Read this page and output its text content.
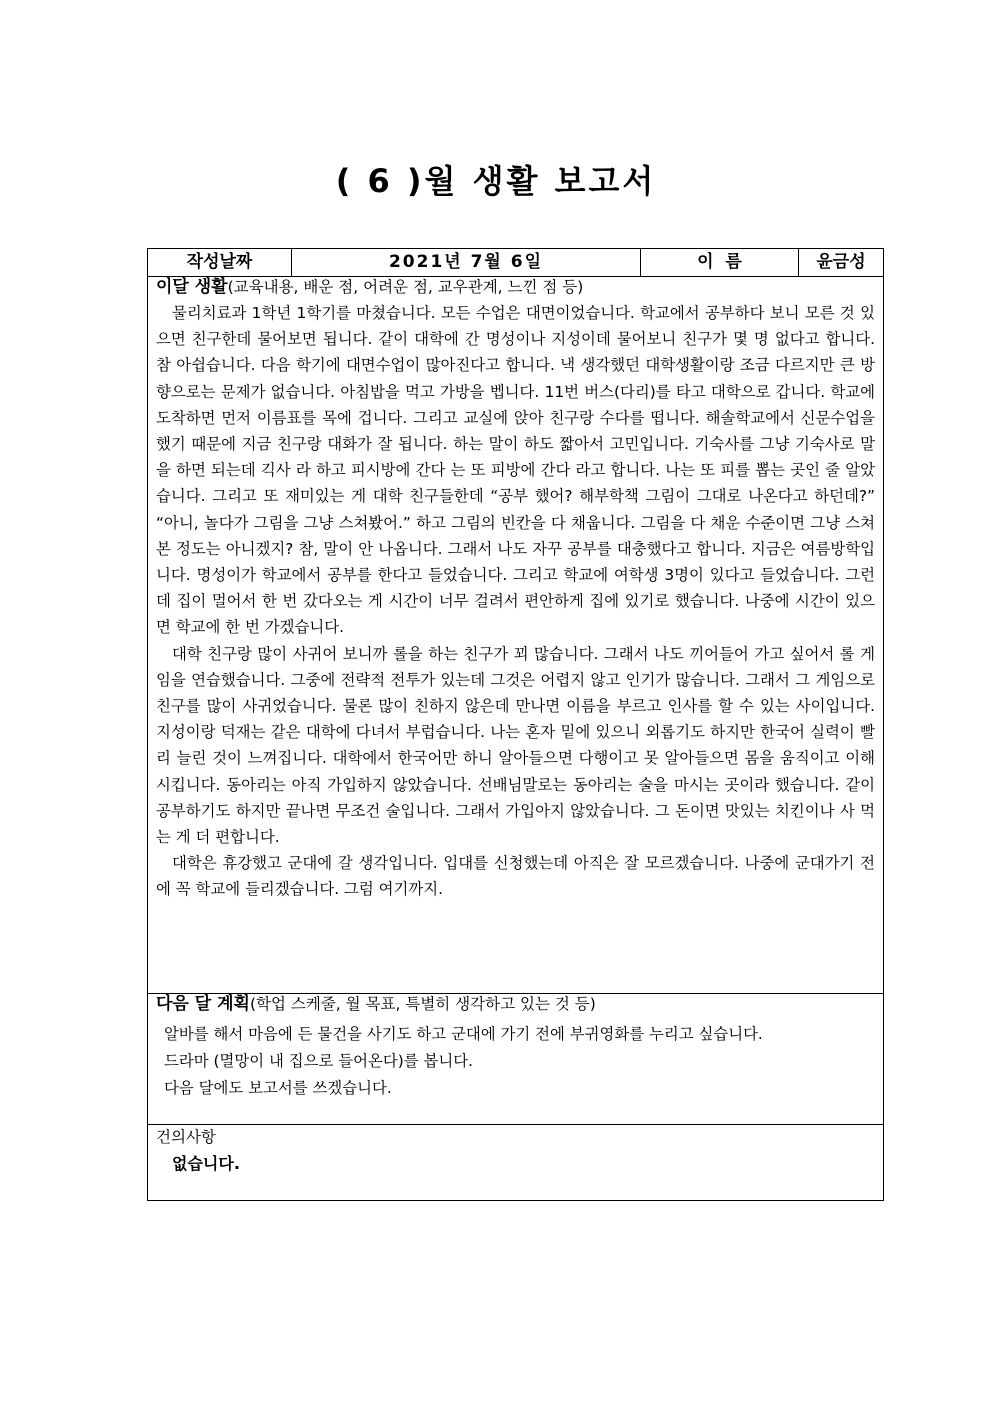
( 6 )월 생활 보고서
작성날짜	2021년 7월 6일	이  름	윤금성
이달 생활(교육내용, 배운 점, 어려운 점, 교우관계, 느낀 점 등)

물리치료과 1학년 1학기를 마쳤습니다. 모든 수업은 대면이었습니다. 학교에서 공부하다 보니 모른 것 있으면 친구한데 물어보면 됩니다. 같이 대학에 간 명성이나 지성이데 물어보니 친구가 몇 명 없다고 합니다. 참 아쉽습니다. 다음 학기에 대면수업이 많아진다고 합니다. 낵 생각했던 대학생활이랑 조금 다르지만 큰 방향으로는 문제가 없습니다. 아침밥을 먹고 가방을 벱니다. 11번 버스(다리)를 타고 대학으로 갑니다. 학교에 도착하면 먼저 이름표를 목에 겁니다. 그리고 교실에 앉아 친구랑 수다를 떱니다. 해솔학교에서 신문수업을 했기 때문에 지금 친구랑 대화가 잘 됩니다. 하는 말이 하도 짧아서 고민입니다. 기숙사를 그냥 기숙사로 말을 하면 되는데 긱사 라 하고 피시방에 간다 는 또 피방에 간다 라고 합니다. 나는 또 피를 뽑는 곳인 줄 알았습니다. 그리고 또 재미있는 게 대학 친구들한데 “공부 했어? 해부학책 그림이 그대로 나온다고 하던데?” “아니, 놀다가 그림을 그냥 스쳐봤어.” 하고 그림의 빈칸을 다 채웁니다. 그림을 다 채운 수준이면 그냥 스쳐본 정도는 아니겠지? 참, 말이 안 나옵니다. 그래서 나도 자꾸 공부를 대충했다고 합니다. 지금은 여름방학입니다. 명성이가 학교에서 공부를 한다고 들었습니다. 그리고 학교에 여학생 3명이 있다고 들었습니다. 그런데 집이 멀어서 한 번 갔다오는 게 시간이 너무 걸려서 편안하게 집에 있기로 했습니다. 나중에 시간이 있으면 학교에 한 번 가겠습니다.

대학 친구랑 많이 사귀어 보니까 롤을 하는 친구가 꾀 많습니다. 그래서 나도 끼어들어 가고 싶어서 롤 게임을 연습했습니다. 그중에 전략적 전투가 있는데 그것은 어렵지 않고 인기가 많습니다. 그래서 그 게임으로 친구를 많이 사귀었습니다. 물론 많이 친하지 않은데 만나면 이름을 부르고 인사를 할 수 있는 사이입니다. 지성이랑 덕재는 같은 대학에 다녀서 부럽습니다. 나는 혼자 밑에 있으니 외롭기도 하지만 한국어 실력이 빨리 늘린 것이 느껴집니다. 대학에서 한국어만 하니 알아들으면 다행이고 못 알아들으면 몸을 움직이고 이해시킵니다. 동아리는 아직 가입하지 않았습니다. 선배님말로는 동아리는 술을 마시는 곳이라 했습니다. 같이 공부하기도 하지만 끝나면 무조건 술입니다. 그래서 가입아지 않았습니다. 그 돈이면 맛있는 치킨이나 사 먹는 게 더 편합니다.

대학은 휴강했고 군대에 갈 생각입니다. 입대를 신청했는데 아직은 잘 모르겠습니다. 나중에 군대가기 전에 꼭 학교에 들리겠습니다. 그럼 여기까지.

다음 달 계획(학업 스케줄, 월 목표, 특별히 생각하고 있는 것 등)
알바를 해서 마음에 든 물건을 사기도 하고 군대에 가기 전에 부귀영화를 누리고 싶습니다.
드라마 (멸망이 내 집으로 들어온다)를 봅니다.
다음 달에도 보고서를 쓰겠습니다.
건의사항
없습니다.
